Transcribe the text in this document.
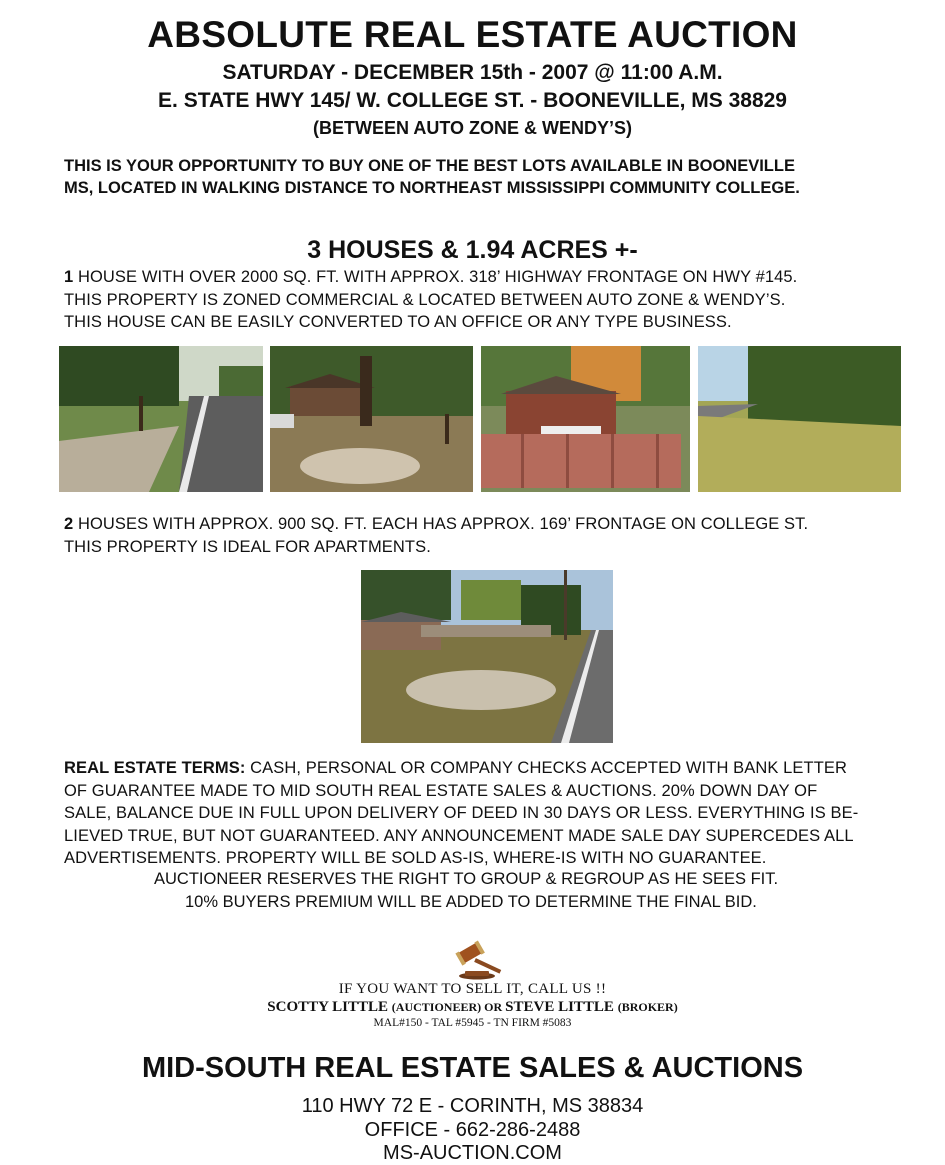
ABSOLUTE REAL ESTATE AUCTION
SATURDAY - DECEMBER 15th - 2007 @ 11:00 A.M.
E. STATE HWY 145/ W. COLLEGE ST. - BOONEVILLE, MS 38829
(BETWEEN AUTO ZONE & WENDY’S)
THIS IS YOUR OPPORTUNITY TO BUY ONE OF THE BEST LOTS AVAILABLE IN BOONEVILLE
MS, LOCATED IN WALKING DISTANCE TO NORTHEAST MISSISSIPPI COMMUNITY COLLEGE.
3 HOUSES & 1.94 ACRES +-
1 HOUSE WITH OVER 2000 SQ. FT. WITH APPROX. 318’ HIGHWAY FRONTAGE ON HWY #145.
THIS PROPERTY IS ZONED COMMERCIAL & LOCATED BETWEEN AUTO ZONE & WENDY’S.
THIS HOUSE CAN BE EASILY CONVERTED TO AN OFFICE OR ANY TYPE BUSINESS.
2 HOUSES WITH APPROX. 900 SQ. FT. EACH HAS APPROX. 169’ FRONTAGE ON COLLEGE ST.
THIS PROPERTY IS IDEAL FOR APARTMENTS.
REAL ESTATE TERMS: CASH, PERSONAL OR COMPANY CHECKS ACCEPTED WITH BANK LETTER
OF GUARANTEE MADE TO MID SOUTH REAL ESTATE SALES & AUCTIONS. 20% DOWN DAY OF
SALE, BALANCE DUE IN FULL UPON DELIVERY OF DEED IN 30 DAYS OR LESS. EVERYTHING IS BE-
LIEVED TRUE, BUT NOT GUARANTEED. ANY ANNOUNCEMENT MADE SALE DAY SUPERCEDES ALL
ADVERTISEMENTS. PROPERTY WILL BE SOLD AS-IS, WHERE-IS WITH NO GUARANTEE.
AUCTIONEER RESERVES THE RIGHT TO GROUP & REGROUP AS HE SEES FIT.
10% BUYERS PREMIUM WILL BE ADDED TO DETERMINE THE FINAL BID.
IF YOU WANT TO SELL IT, CALL US !!
SCOTTY LITTLE (AUCTIONEER) OR STEVE LITTLE (BROKER)
MAL#150 - TAL #5945 - TN FIRM #5083
MID-SOUTH REAL ESTATE SALES & AUCTIONS
110 HWY 72 E - CORINTH, MS 38834
OFFICE - 662-286-2488
MS-AUCTION.COM
